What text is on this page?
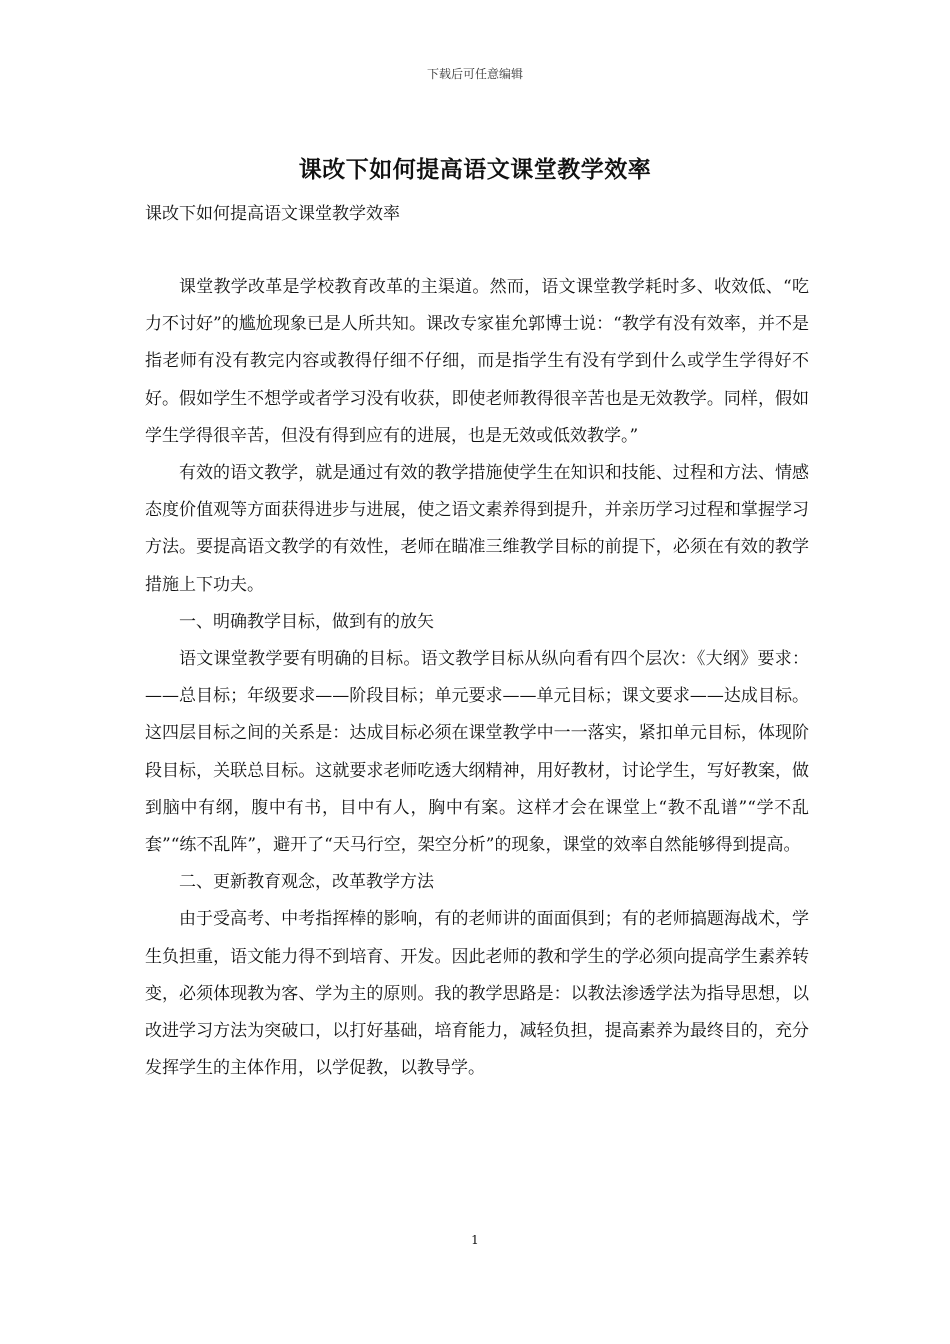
下载后可任意编辑
课改下如何提高语文课堂教学效率
课改下如何提高语文课堂教学效率

课堂教学改革是学校教育改革的主渠道。然而，语文课堂教学耗时多、收效低、“吃力不讨好”的尴尬现象已是人所共知。课改专家崔允郭博士说：“教学有没有效率，并不是指老师有没有教完内容或教得仔细不仔细，而是指学生有没有学到什么或学生学得好不好。假如学生不想学或者学习没有收获，即使老师教得很辛苦也是无效教学。同样，假如学生学得很辛苦，但没有得到应有的进展，也是无效或低效教学。”

有效的语文教学，就是通过有效的教学措施使学生在知识和技能、过程和方法、情感态度价值观等方面获得进步与进展，使之语文素养得到提升，并亲历学习过程和掌握学习方法。要提高语文教学的有效性，老师在瞄准三维教学目标的前提下，必须在有效的教学措施上下功夫。

一、明确教学目标，做到有的放矢

语文课堂教学要有明确的目标。语文教学目标从纵向看有四个层次：《大纲》要求：——总目标；年级要求——阶段目标；单元要求——单元目标；课文要求——达成目标。这四层目标之间的关系是：达成目标必须在课堂教学中一一落实，紧扣单元目标，体现阶段目标，关联总目标。这就要求老师吃透大纲精神，用好教材，讨论学生，写好教案，做到脑中有纲，腹中有书，目中有人，胸中有案。这样才会在课堂上“教不乱谱”“学不乱套”“练不乱阵”，避开了“天马行空，架空分析”的现象，课堂的效率自然能够得到提高。

二、更新教育观念，改革教学方法

由于受高考、中考指挥棒的影响，有的老师讲的面面俱到；有的老师搞题海战术，学生负担重，语文能力得不到培育、开发。因此老师的教和学生的学必须向提高学生素养转变，必须体现教为客、学为主的原则。我的教学思路是：以教法渗透学法为指导思想，以改进学习方法为突破口，以打好基础，培育能力，减轻负担，提高素养为最终目的，充分发挥学生的主体作用，以学促教，以教导学。

1
